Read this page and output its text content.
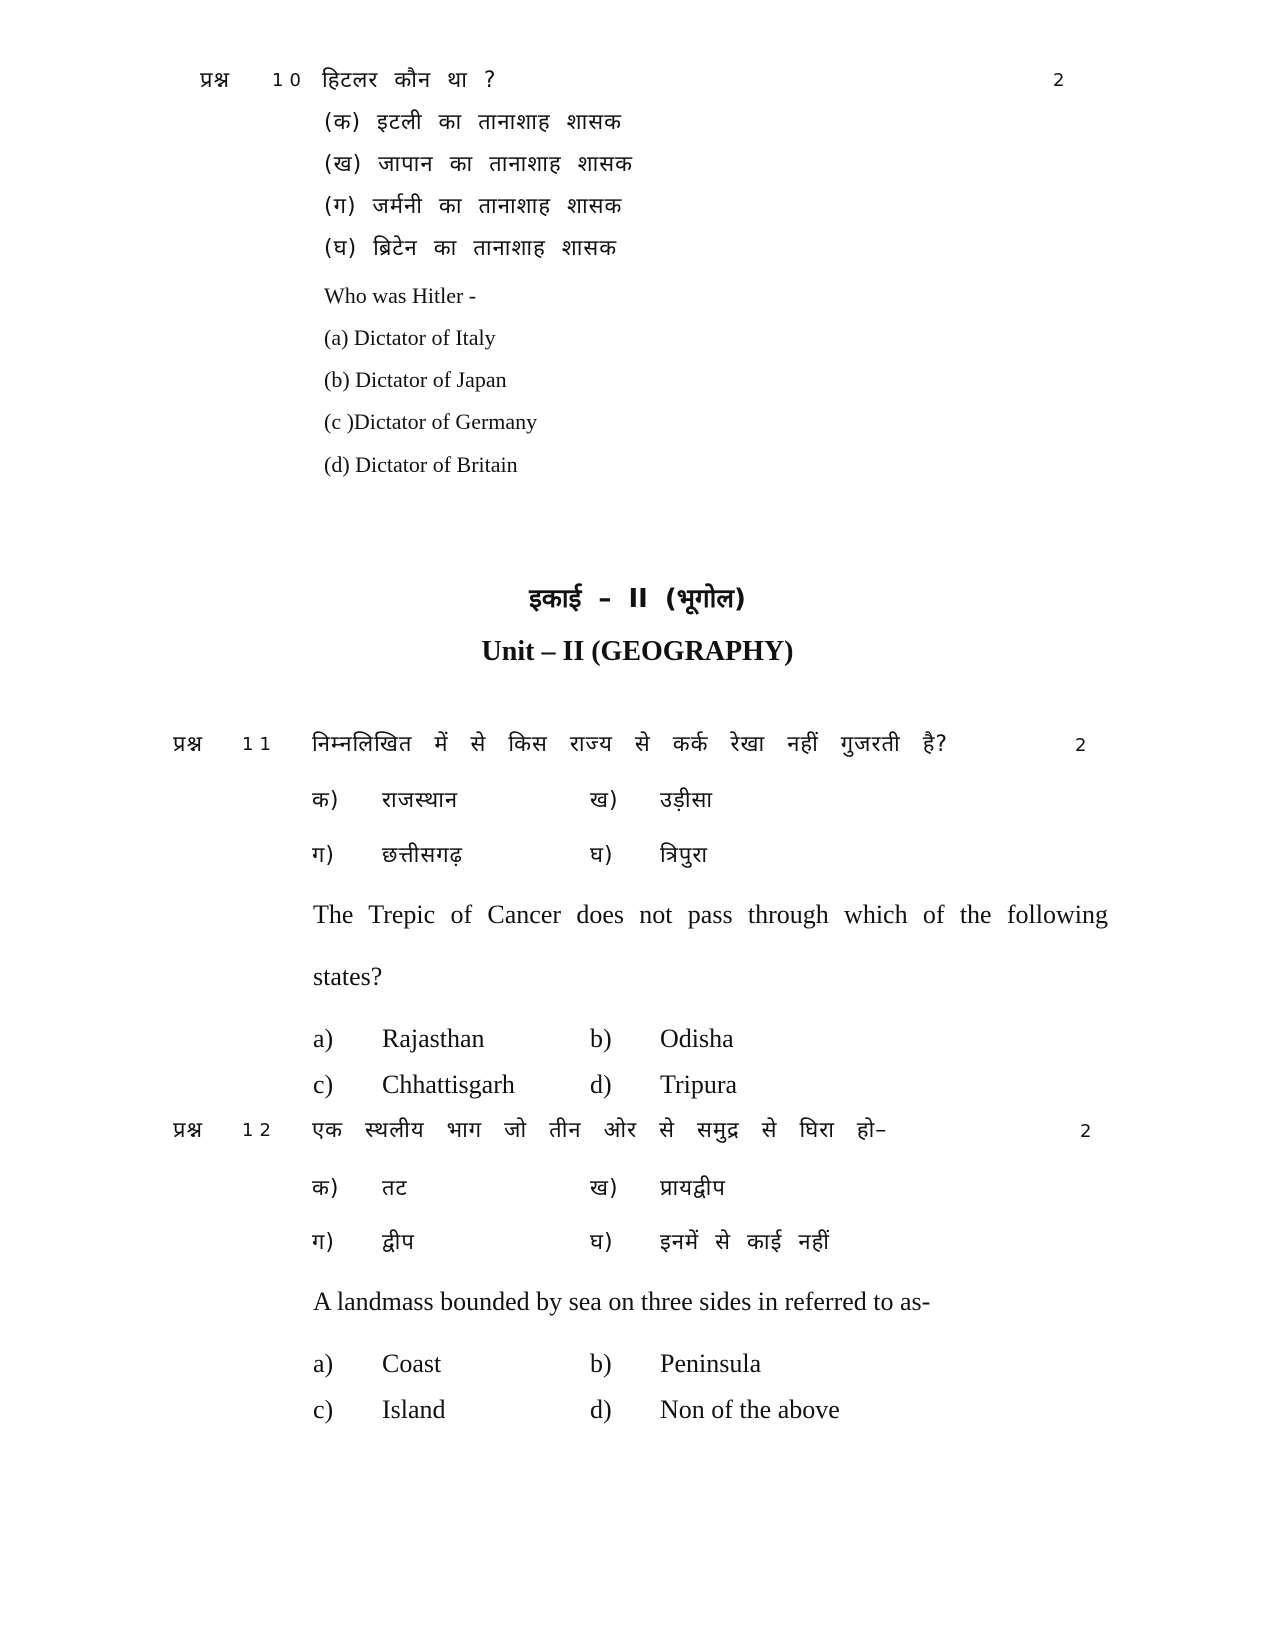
प्रश्न 10 हिटलर कौन था ?	2
(क) इटली का तानाशाह शासक
(ख) जापान का तानाशाह शासक
(ग) जर्मनी का तानाशाह शासक
(घ) ब्रिटेन का तानाशाह शासक
Who was Hitler -
(a) Dictator of Italy
(b) Dictator of Japan
(c )Dictator of Germany
(d) Dictator of Britain
इकाई – II (भूगोल)
Unit – II (GEOGRAPHY)
प्रश्न 11 निम्नलिखित में से किस राज्य से कर्क रेखा नहीं गुजरती है?	2
क) राजस्थान	ख) उड़ीसा
ग) छत्तीसगढ़	घ) त्रिपुरा
The Trepic of Cancer does not pass through which of the following
states?
a) Rajasthan	b) Odisha
c) Chhattisgarh	d) Tripura
प्रश्न 12 एक स्थलीय भाग जो तीन ओर से समुद्र से घिरा हो–	2
क) तट	ख) प्रायद्वीप
ग) द्वीप	घ) इनमें से काई नहीं
A landmass bounded by sea on three sides in referred to as-
a) Coast	b) Peninsula
c) Island	d) Non of the above
